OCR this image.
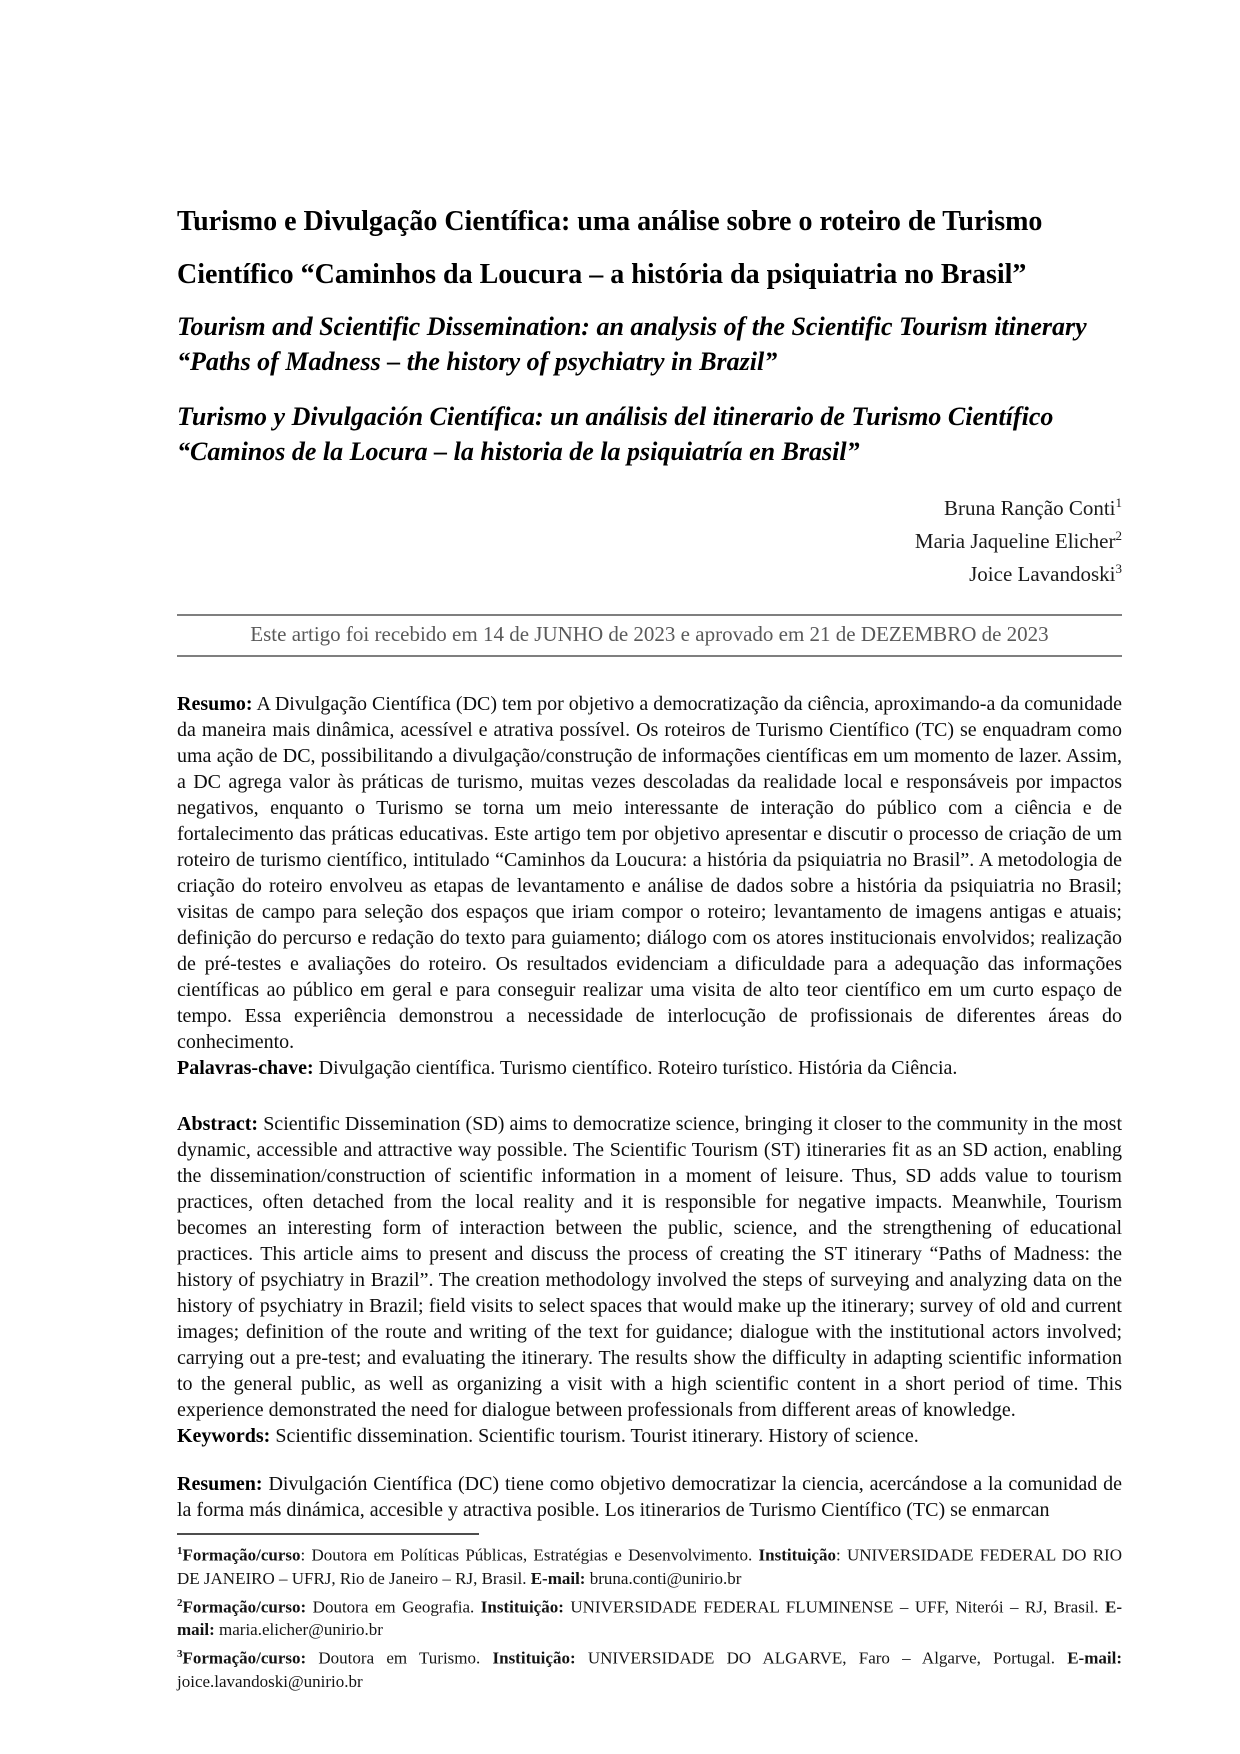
Turismo e Divulgação Científica: uma análise sobre o roteiro de Turismo
Científico “Caminhos da Loucura – a história da psiquiatria no Brasil”
Tourism and Scientific Dissemination: an analysis of the Scientific Tourism itinerary
“Paths of Madness – the history of psychiatry in Brazil”
Turismo y Divulgación Científica: un análisis del itinerario de Turismo Científico
“Caminos de la Locura – la historia de la psiquiatría en Brasil”
Bruna Ranção Conti$^1$
Maria Jaqueline Elicher$^2$
Joice Lavandoski$^3$
Este artigo foi recebido em 14 de JUNHO de 2023 e aprovado em 21 de DEZEMBRO de 2023

Resumo: A Divulgação Científica (DC) tem por objetivo a democratização da ciência, aproximando-a da comunidade da maneira mais dinâmica, acessível e atrativa possível. Os roteiros de Turismo Científico (TC) se enquadram como uma ação de DC, possibilitando a divulgação/construção de informações científicas em um momento de lazer. Assim, a DC agrega valor às práticas de turismo, muitas vezes descoladas da realidade local e responsáveis por impactos negativos, enquanto o Turismo se torna um meio interessante de interação do público com a ciência e de fortalecimento das práticas educativas. Este artigo tem por objetivo apresentar e discutir o processo de criação de um roteiro de turismo científico, intitulado “Caminhos da Loucura: a história da psiquiatria no Brasil”. A metodologia de criação do roteiro envolveu as etapas de levantamento e análise de dados sobre a história da psiquiatria no Brasil; visitas de campo para seleção dos espaços que iriam compor o roteiro; levantamento de imagens antigas e atuais; definição do percurso e redação do texto para guiamento; diálogo com os atores institucionais envolvidos; realização de pré-testes e avaliações do roteiro. Os resultados evidenciam a dificuldade para a adequação das informações científicas ao público em geral e para conseguir realizar uma visita de alto teor científico em um curto espaço de tempo. Essa experiência demonstrou a necessidade de interlocução de profissionais de diferentes áreas do conhecimento.

Palavras-chave: Divulgação científica. Turismo científico. Roteiro turístico. História da Ciência.

Abstract: Scientific Dissemination (SD) aims to democratize science, bringing it closer to the community in the most dynamic, accessible and attractive way possible. The Scientific Tourism (ST) itineraries fit as an SD action, enabling the dissemination/construction of scientific information in a moment of leisure. Thus, SD adds value to tourism practices, often detached from the local reality and it is responsible for negative impacts. Meanwhile, Tourism becomes an interesting form of interaction between the public, science, and the strengthening of educational practices. This article aims to present and discuss the process of creating the ST itinerary “Paths of Madness: the history of psychiatry in Brazil”. The creation methodology involved the steps of surveying and analyzing data on the history of psychiatry in Brazil; field visits to select spaces that would make up the itinerary; survey of old and current images; definition of the route and writing of the text for guidance; dialogue with the institutional actors involved; carrying out a pre-test; and evaluating the itinerary. The results show the difficulty in adapting scientific information to the general public, as well as organizing a visit with a high scientific content in a short period of time. This experience demonstrated the need for dialogue between professionals from different areas of knowledge.

Keywords: Scientific dissemination. Scientific tourism. Tourist itinerary. History of science.

Resumen: Divulgación Científica (DC) tiene como objetivo democratizar la ciencia, acercándose a la comunidad de la forma más dinámica, accesible y atractiva posible. Los itinerarios de Turismo Científico (TC) se enmarcan

$^1$Formação/curso: Doutora em Políticas Públicas, Estratégias e Desenvolvimento. Instituição: UNIVERSIDADE FEDERAL DO RIO DE JANEIRO – UFRJ, Rio de Janeiro – RJ, Brasil. E-mail: bruna.conti@unirio.br

$^2$Formação/curso: Doutora em Geografia. Instituição: UNIVERSIDADE FEDERAL FLUMINENSE – UFF, Niterói – RJ, Brasil. E-mail: maria.elicher@unirio.br

$^3$Formação/curso: Doutora em Turismo. Instituição: UNIVERSIDADE DO ALGARVE, Faro – Algarve, Portugal. E-mail: joice.lavandoski@unirio.br
